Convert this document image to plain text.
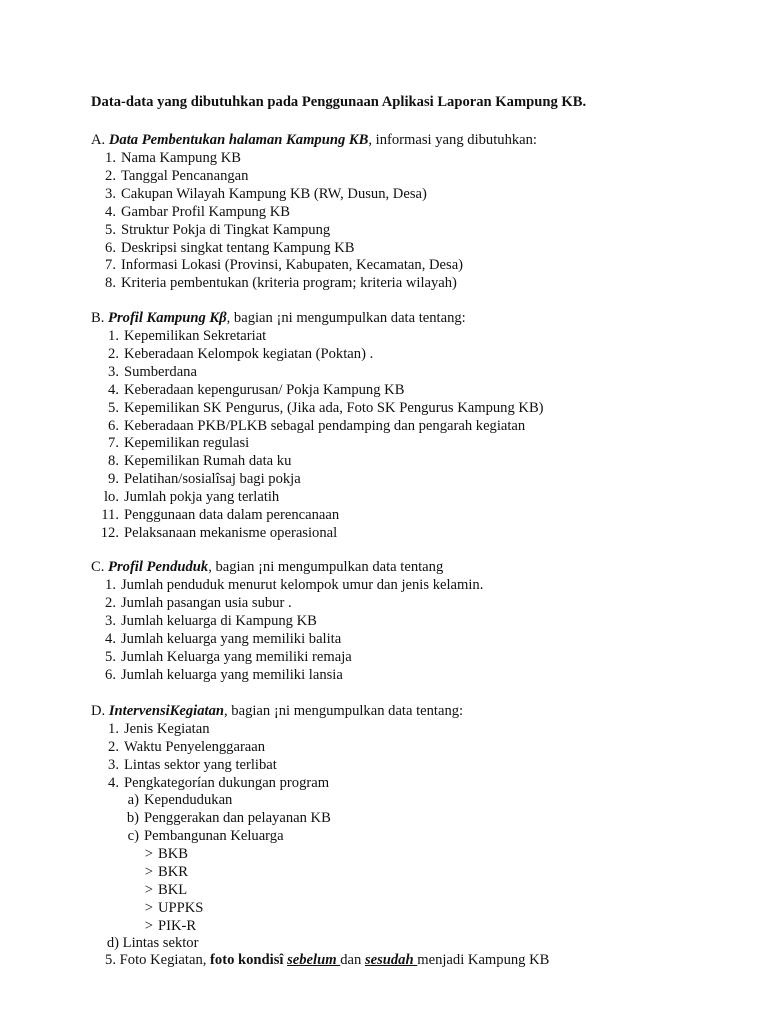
Data-data yang dibutuhkan pada Penggunaan Aplikasi Laporan Kampung KB.
A. Data Pembentukan halaman Kampung KB, informasi yang dibutuhkan:
1. Nama Kampung KB
2. Tanggal Pencanangan
3. Cakupan Wilayah Kampung KB (RW, Dusun, Desa)
4. Gambar Profil Kampung KB
5. Struktur Pokja di Tingkat Kampung
6. Deskripsi singkat tentang Kampung KB
7. Informasi Lokasi (Provinsi, Kabupaten, Kecamatan, Desa)
8. Kriteria pembentukan (kriteria program; kriteria wilayah)
B. Profil Kampung Kβ, bagian ¡ni mengumpulkan data tentang:
1. Kepemilikan Sekretariat
2. Keberadaan Kelompok kegiatan (Poktan) .
3. Sumberdana
4. Keberadaan kepengurusan/ Pokja Kampung KB
5. Kepemilikan SK Pengurus, (Jika ada, Foto SK Pengurus Kampung KB)
6. Keberadaan PKB/PLKB sebagal pendamping dan pengarah kegiatan
7. Kepemilikan regulasi
8. Kepemilikan Rumah data ku
9. Pelatihan/sosialîsaj bagi pokja
lo. Jumlah pokja yang terlatih
11. Penggunaan data dalam perencanaan
12. Pelaksanaan mekanisme operasional
C. Profil Penduduk, bagian ¡ni mengumpulkan data tentang
1. Jumlah penduduk menurut kelompok umur dan jenis kelamin.
2. Jumlah pasangan usia subur .
3. Jumlah keluarga di Kampung KB
4. Jumlah keluarga yang memiliki balita
5. Jumlah Keluarga yang memiliki remaja
6. Jumlah keluarga yang memiliki lansia
D. IntervensiKegiatan, bagian ¡ni mengumpulkan data tentang:
1. Jenis Kegiatan
2. Waktu Penyelenggaraan
3. Lintas sektor yang terlibat
4. Pengkategorían dukungan program
a) Kependudukan
b) Penggerakan dan pelayanan KB
c) Pembangunan Keluarga
> BKB
> BKR
> BKL
> UPPKS
> PIK-R
d) Lintas sektor
5. Foto Kegiatan, foto kondisî sebelum dan sesudah menjadi Kampung KB
